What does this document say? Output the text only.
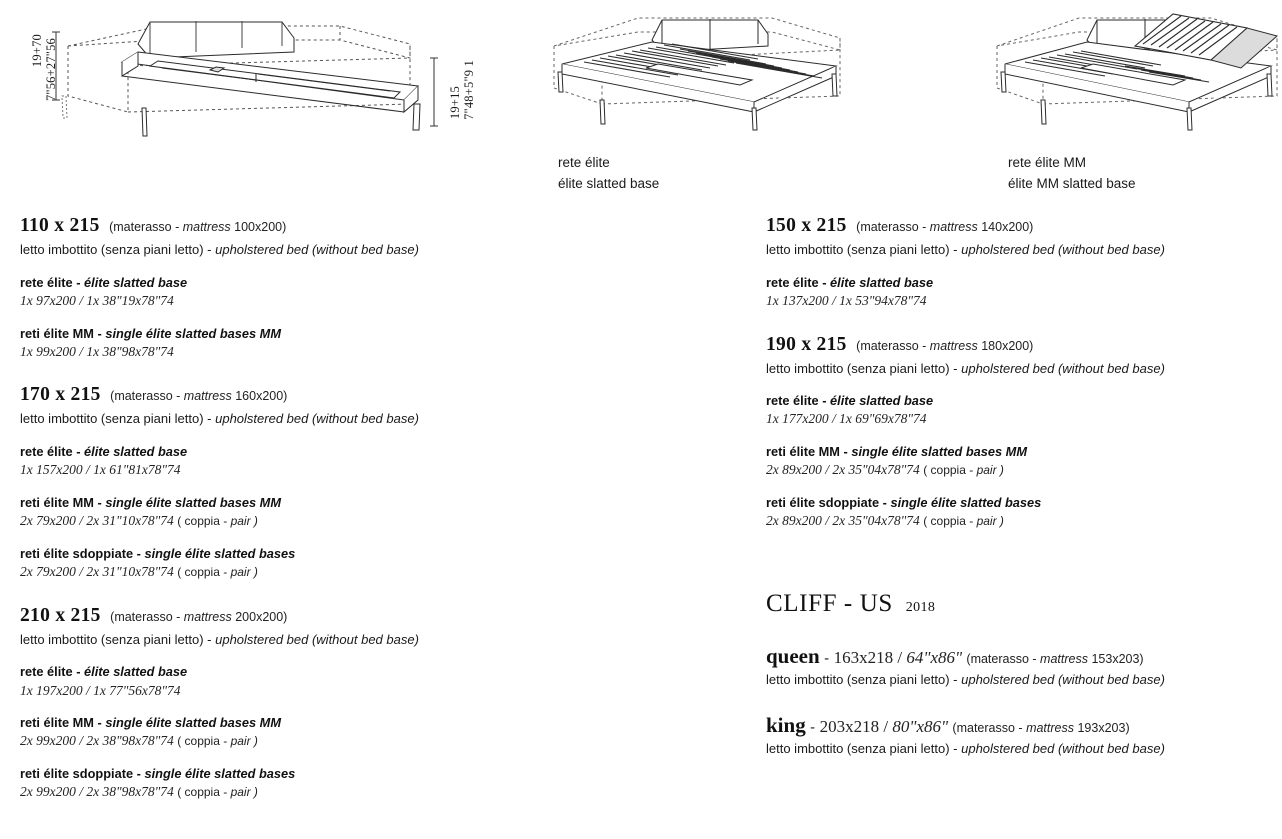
19+70 7"56+27"56
19+15 7"48+5"9 1
rete élite
élite slatted base
rete élite MM
élite MM slatted base
110 x 215 (materasso - mattress 100x200)
letto imbottito (senza piani letto) - upholstered bed (without bed base)
rete élite - élite slatted base
1x 97x200 / 1x 38"19x78"74
reti élite MM - single élite slatted bases MM
1x 99x200 / 1x 38"98x78"74
170 x 215 (materasso - mattress 160x200)
letto imbottito (senza piani letto) - upholstered bed (without bed base)
rete élite - élite slatted base
1x 157x200 / 1x 61"81x78"74
reti élite MM - single élite slatted bases MM
2x 79x200 / 2x 31"10x78"74 ( coppia - pair )
reti élite sdoppiate - single élite slatted bases
2x 79x200 / 2x 31"10x78"74 ( coppia - pair )
210 x 215 (materasso - mattress 200x200)
letto imbottito (senza piani letto) - upholstered bed (without bed base)
rete élite - élite slatted base
1x 197x200 / 1x 77"56x78"74
reti élite MM - single élite slatted bases MM
2x 99x200 / 2x 38"98x78"74 ( coppia - pair )
reti élite sdoppiate - single élite slatted bases
2x 99x200 / 2x 38"98x78"74 ( coppia - pair )
150 x 215 (materasso - mattress 140x200)
letto imbottito (senza piani letto) - upholstered bed (without bed base)
rete élite - élite slatted base
1x 137x200 / 1x 53"94x78"74
190 x 215 (materasso - mattress 180x200)
letto imbottito (senza piani letto) - upholstered bed (without bed base)
rete élite - élite slatted base
1x 177x200 / 1x 69"69x78"74
reti élite MM - single élite slatted bases MM
2x 89x200 / 2x 35"04x78"74 ( coppia - pair )
reti élite sdoppiate - single élite slatted bases
2x 89x200 / 2x 35"04x78"74 ( coppia - pair )
CLIFF - US 2018
queen - 163x218 / 64"x86" (materasso - mattress 153x203)
letto imbottito (senza piani letto) - upholstered bed (without bed base)
king - 203x218 / 80"x86" (materasso - mattress 193x203)
letto imbottito (senza piani letto) - upholstered bed (without bed base)
